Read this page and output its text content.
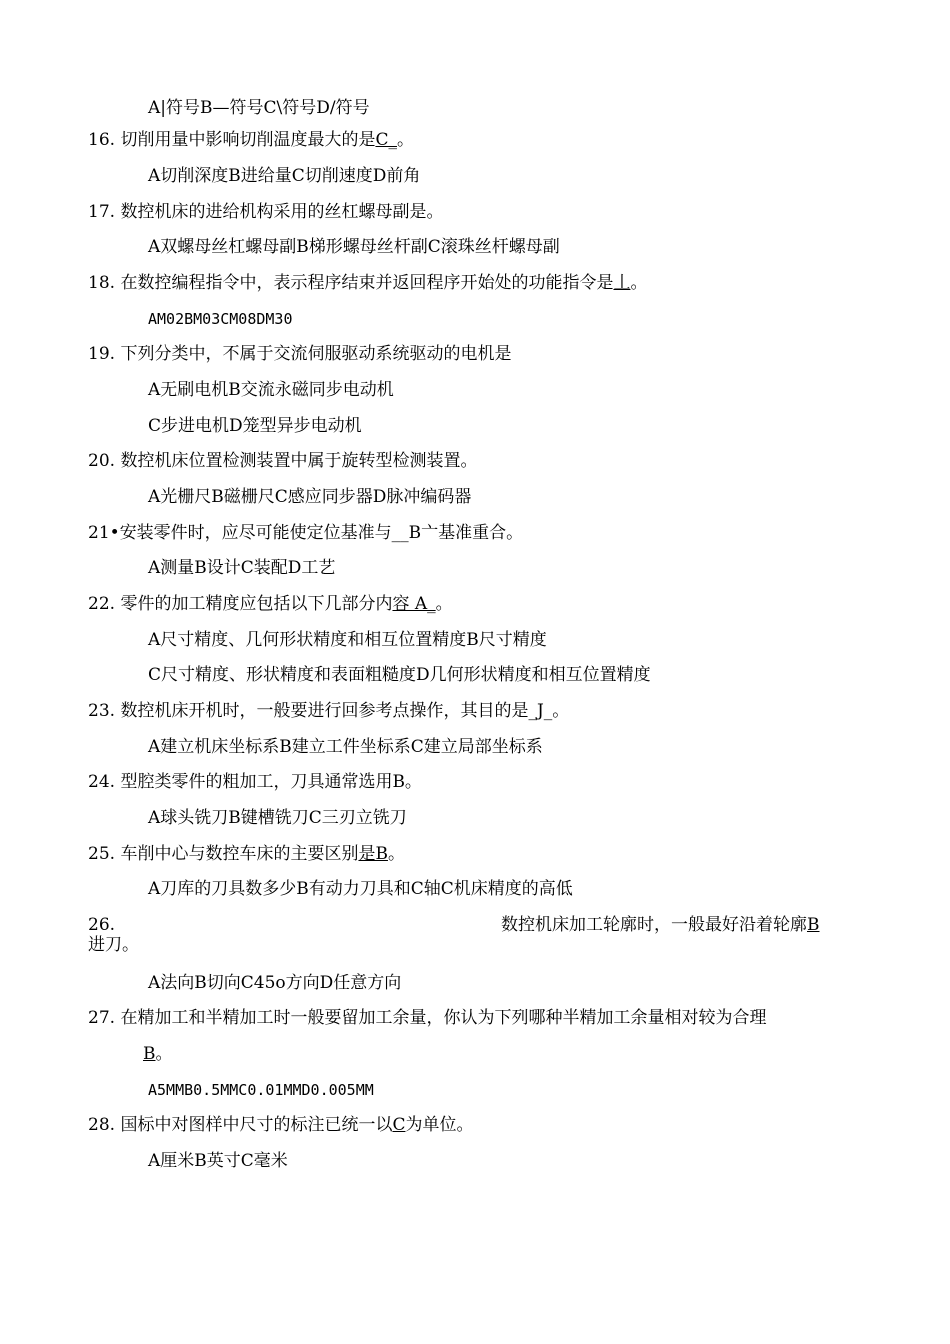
A|符号B—符号C\符号D/符号
16. 切削用量中影响切削温度最大的是C_。
A切削深度B进给量C切削速度D前角
17. 数控机床的进给机构采用的丝杠螺母副是。
A双螺母丝杠螺母副B梯形螺母丝杆副C滚珠丝杆螺母副
18. 在数控编程指令中，表示程序结束并返回程序开始处的功能指令是丄。
AM02BM03CM08DM30
19. 下列分类中，不属于交流伺服驱动系统驱动的电机是
A无刷电机B交流永磁同步电动机
C步进电机D笼型异步电动机
20. 数控机床位置检测装置中属于旋转型检测装置。
A光栅尺B磁栅尺C感应同步器D脉冲编码器
21•安装零件时，应尽可能使定位基准与__B亠基准重合。
A测量B设计C装配D工艺
22. 零件的加工精度应包括以下几部分内容 A_。
A尺寸精度、几何形状精度和相互位置精度B尺寸精度
C尺寸精度、形状精度和表面粗糙度D几何形状精度和相互位置精度
23. 数控机床开机时，一般要进行回参考点操作，其目的是_J_。
A建立机床坐标系B建立工件坐标系C建立局部坐标系
24. 型腔类零件的粗加工，刀具通常选用B。
A球头铣刀B键槽铣刀C三刃立铣刀
25. 车削中心与数控车床的主要区别是B。
A刀库的刀具数多少B有动力刀具和C轴C机床精度的高低
26.	数控机床加工轮廓时，一般最好沿着轮廓B
进刀。
A法向B切向C45o方向D任意方向
27. 在精加工和半精加工时一般要留加工余量，你认为下列哪种半精加工余量相对较为合理
B。
A5MMB0.5MMC0.01MMD0.005MM
28. 国标中对图样中尺寸的标注已统一以C为单位。
A厘米B英寸C毫米
